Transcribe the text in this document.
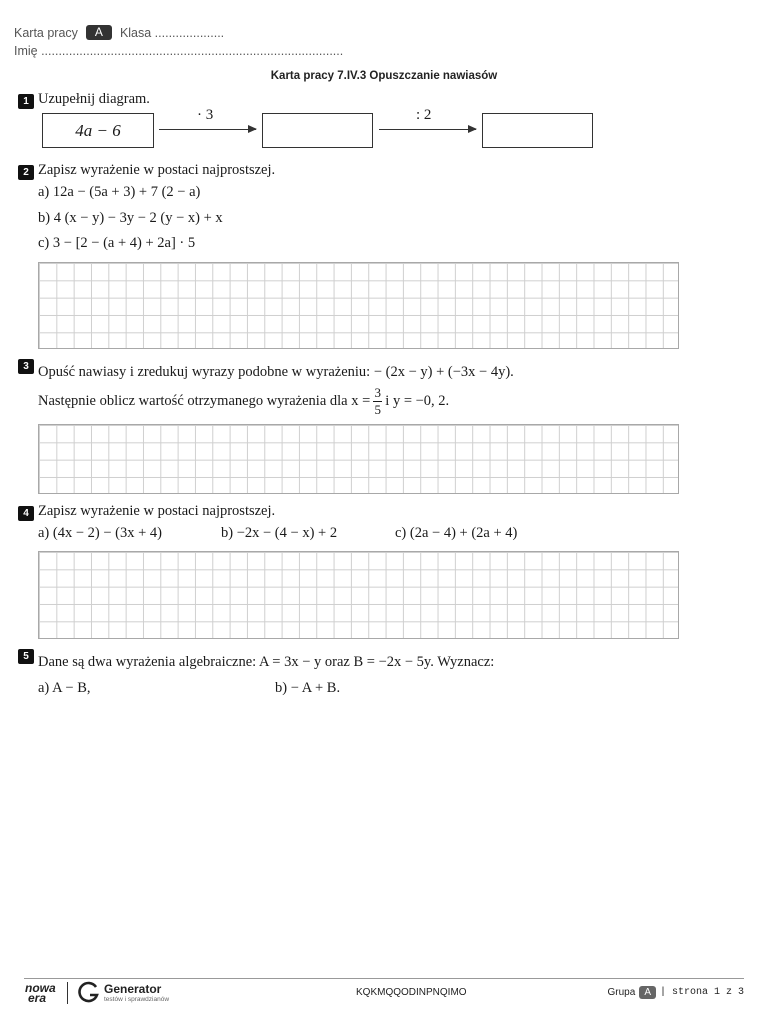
Karta pracy	A	Klasa ....................
Imię .......................................................................................
Karta pracy 7.IV.3 Opuszczanie nawiasów
1 Uzupełnij diagram.
4a − 6
· 3	: 2
2 Zapisz wyrażenie w postaci najprostszej.
a) 12a − (5a + 3) + 7 (2 − a)
b) 4 (x − y) − 3y − 2 (y − x) + x
c) 3 − [2 − (a + 4) + 2a] · 5
3 Opuść nawiasy i zredukuj wyrazy podobne w wyrażeniu: − (2x − y) + (−3x − 4y).
Następnie oblicz wartość otrzymanego wyrażenia dla $x = \frac{3}{5}$ i y = −0, 2.
4 Zapisz wyrażenie w postaci najprostszej.
a) (4x − 2) − (3x + 4)	b) −2x − (4 − x) + 2	c) (2a − 4) + (2a + 4)
5 Dane są dwa wyrażenia algebraiczne: A = 3x − y oraz B = −2x − 5y. Wyznacz:
a) A − B,	b) − A + B.
nowa
era
Generator
testów i sprawdzianów
KQKMQQODINPNQIMO	Grupa A | strona 1 z 3
